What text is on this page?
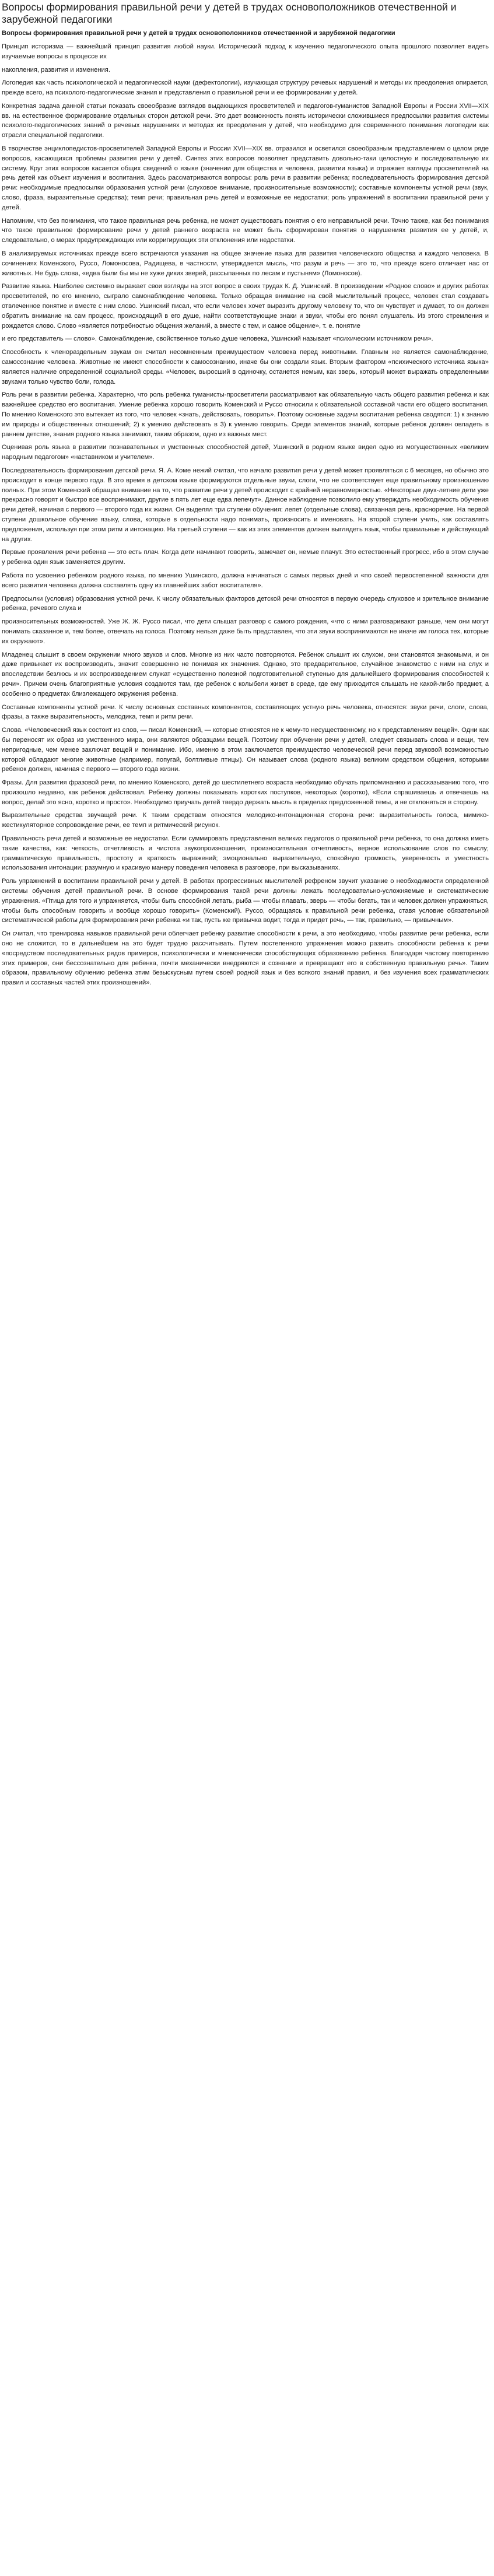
Вопросы формирования правильной речи у детей в трудах основоположников отечественной и зарубежной педагогики
Вопросы формирования правильной речи у детей в трудах основоположников отечественной и зарубежной педагогики

Принцип историзма — важнейший принцип развития любой науки. Исторический подход к изучению педагогического опыта прошлого позволяет видеть изучаемые вопросы в процессе их

накопления, развития и изменения.

Логопедия как часть психологической и педагогической науки (дефектологии), изучающая структуру речевых нарушений и методы их преодоления опирается, прежде всего, на психолого-педагогические знания и представления о правильной речи и ее формировании у детей.

Конкретная задача данной статьи показать своеобразие взглядов выдающихся просветителей и педагогов-гуманистов Западной Европы и России XVII—XIX вв. на естественное формирование отдельных сторон детской речи. Это дает возможность понять исторически сложившиеся предпосылки развития системы психолого-педагогических знаний о речевых нарушениях и методах их преодоления у детей, что необходимо для современного понимания логопедии как отрасли специальной педагогики.

В творчестве энциклопедистов-просветителей Западной Европы и России XVII—XIX вв. отразился и осветился своеобразным представлением о целом ряде вопросов, касающихся проблемы развития речи у детей. Синтез этих вопросов позволяет представить довольно-таки целостную и последовательную их систему. Круг этих вопросов касается общих сведений о языке (значении для общества и человека, развитии языка) и отражает взгляды просветителей на речь детей как объект изучения и воспитания. Здесь рассматриваются вопросы: роль речи в развитии ребенка; последовательность формирования детской речи: необходимые предпосылки образования устной речи (слуховое внимание, произносительные возможности); составные компоненты устной речи (звук, слово, фраза, выразительные средства); темп речи; правильная речь детей и возможные ее недостатки; роль упражнений в воспитании правильной речи у детей.

Напомним, что без понимания, что такое правильная речь ребенка, не может существовать понятия о его неправильной речи. Точно также, как без понимания что такое правильное формирование речи у детей раннего возраста не может быть сформирован понятия о нарушениях развития ее у детей, и, следовательно, о мерах предупреждающих или корригирующих эти отклонения или недостатки.

В анализируемых источниках прежде всего встречаются указания на общее значение языка для развития человеческого общества и каждого человека. В сочинениях Коменского, Руссо, Ломоносова, Радищева, в частности, утверждается мысль, что разум и речь — это то, что прежде всего отличает нас от животных. Не будь слова, «едва были бы мы не хуже диких зверей, рассыпанных по лесам и пустыням» (Ломоносов).

Развитие языка. Наиболее системно выражает свои взгляды на этот вопрос в своих трудах К. Д. Ушинский. В произведении «Родное слово» и других работах просветителей, по его мнению, сыграло самонаблюдение человека. Только обращая внимание на свой мыслительный процесс, человек стал создавать отвлеченное понятие и вместе с ним слово. Ушинский писал, что если человек хочет выразить другому человеку то, что он чувствует и думает, то он должен обратить внимание на сам процесс, происходящий в его душе, найти соответствующие знаки и звуки, чтобы его понял слушатель. Из этого стремления и рождается слово. Слово «является потребностью общения желаний, а вместе с тем, и самое общение», т. е. понятие

и его представитель — слово». Самонаблюдение, свойственное только душе человека, Ушинский называет «психическим источником речи».

Способность к членораздельным звукам он считал несомненным преимуществом человека перед животными. Главным же является самонаблюдение, самосознание человека. Животные не имеют способности к самосознанию, иначе бы они создали язык. Вторым фактором «психического источника языка» является наличие определенной социальной среды. «Человек, выросший в одиночку, останется немым, как зверь, который может выражать определенными звуками только чувство боли, голода.

Роль речи в развитии ребенка. Характерно, что роль ребенка гуманисты-просветители рассматривают как обязательную часть общего развития ребенка и как важнейшее средство его воспитания. Умение ребенка хорошо говорить Коменский и Руссо относили к обязательной составной части его общего воспитания. По мнению Коменского это вытекает из того, что человек «знать, действовать, говорить». Поэтому основные задачи воспитания ребенка сводятся: 1) к знанию им природы и общественных отношений; 2) к умению действовать в 3) к умению говорить. Среди элементов знаний, которые ребенок должен овладеть в раннем детстве, знания родного языка занимают, таким образом, одно из важных мест.

Оценивая роль языка в развитии познавательных и умственных способностей детей, Ушинский в родном языке видел одно из могущественных «великим народным педагогом» «наставником и учителем».

Последовательность формирования детской речи. Я. А. Коме нежий считал, что начало развития речи у детей может проявляться с 6 месяцев, но обычно это происходит в конце первого года. В это время в детском языке формируются отдельные звуки, слоги, что не соответствует еще правильному произношению полных. При этом Коменский обращал внимание на то, что развитие речи у детей происходит с крайней неравномерностью. «Некоторые двух-летние дети уже прекрасно говорят и быстро все воспринимают, другие в пять лет еще едва лепечут». Данное наблюдение позволило ему утверждать необходимость обучения речи детей, начиная с первого — второго года их жизни. Он выделял три ступени обучения: лепет (отдельные слова), связанная речь, красноречие. На первой ступени дошкольное обучение языку, слова, которые в отдельности надо понимать, произносить и именовать. На второй ступени учить, как составлять предложения, используя при этом ритм и интонацию. На третьей ступени — как из этих элементов должен выглядеть язык, чтобы правильные и действующий на других.

Первые проявления речи ребенка — это есть плач. Когда дети начинают говорить, замечает он, немые плачут. Это естественный прогресс, ибо в этом случае у ребенка один язык заменяется другим.

Работа по усвоению ребенком родного языка, по мнению Ушинского, должна начинаться с самых первых дней и «по своей первостепенной важности для всего развития человека должна составлять одну из главнейших забот воспитателя».

Предпосылки (условия) образования устной речи. К числу обязательных факторов детской речи относятся в первую очередь слуховое и зрительное внимание ребенка, речевого слуха и

произносительных возможностей. Уже Ж. Ж. Руссо писал, что дети слышат разговор с самого рождения, «что с ними разговаривают раньше, чем они могут понимать сказанное и, тем более, отвечать на голоса. Поэтому нельзя даже быть представлен, что эти звуки воспринимаются не иначе им голоса тех, которые их окружают».

Младенец слышит в своем окружении много звуков и слов. Многие из них часто повторяются. Ребенок слышит их слухом, они становятся знакомыми, и он даже привыкает их воспроизводить, значит совершенно не понимая их значения. Однако, это предварительное, случайное знакомство с ними на слух и впоследствии безлюсь и их воспроизведением служат «существенно полезной подготовительной ступенью для дальнейшего формирования способностей к речи». Причем очень благоприятные условия создаются там, где ребенок с колыбели живет в среде, где ему приходится слышать не какой-либо предмет, а особенно о предметах близлежащего окружения ребенка.

Составные компоненты устной речи. К числу основных составных компонентов, составляющих устную речь человека, относятся: звуки речи, слоги, слова, фразы, а также выразительность, мелодика, темп и ритм речи.

Слова. «Человеческий язык состоит из слов, — писал Коменский, — которые относятся не к чему-то несущественному, но к представлениям вещей». Одни как бы переносят их образ из умственного мира, они являются образцами вещей. Поэтому при обучении речи у детей, следует связывать слова и вещи, тем непригодные, чем менее заключат вещей и понимание. Ибо, именно в этом заключается преимущество человеческой речи перед звуковой возможностью которой обладают многие животные (например, попугай, болтливые птицы). Он называет слова (родного языка) великим средством общения, которыми ребенок должен, начиная с первого — второго года жизни.

Фразы. Для развития фразовой речи, по мнению Коменского, детей до шестилетнего возраста необходимо обучать припоминанию и рассказыванию того, что произошло недавно, как ребенок действовал. Ребенку должны показывать коротких поступков, некоторых (коротко), «Если спрашиваешь и отвечаешь на вопрос, делай это ясно, коротко и просто». Необходимо приучать детей твердо держать мысль в пределах предложенной темы, и не отклоняться в сторону.

Выразительные средства звучащей речи. К таким средствам относятся мелодико-интонационная сторона речи: выразительность голоса, мимико-жестикуляторное сопровождение речи, ее темп и ритмический рисунок.

Правильность речи детей и возможные ее недостатки. Если суммировать представления великих педагогов о правильной речи ребенка, то она должна иметь такие качества, как: четкость, отчетливость и чистота звукопроизношения, произносительная отчетливость, верное использование слов по смыслу; грамматическую правильность, простоту и краткость выражений; эмоционально выразительную, спокойную громкость, уверенность и уместность использования интонации; разумную и красивую манеру поведения человека в разговоре, при высказываниях.

Роль упражнений в воспитании правильной речи у детей. В работах прогрессивных мыслителей рефреном звучит указание о необходимости определенной системы обучения детей правильной речи. В основе формирования такой речи должны лежать последовательно-усложняемые и систематические упражнения. «Птица для того и упражняется, чтобы быть способной летать, рыба — чтобы плавать, зверь — чтобы бегать, так и человек должен упражняться, чтобы быть способным говорить и вообще хорошо говорить» (Коменский). Руссо, обращаясь к правильной речи ребенка, ставя условие обязательной систематической работы для формирования речи ребенка «и так, пусть же привычка водит, тогда и придет речь, — так, правильно, — привычным».

Он считал, что тренировка навыков правильной речи облегчает ребенку развитие способности к речи, а это необходимо, чтобы развитие речи ребенка, если оно не сложится, то в дальнейшем на это будет трудно рассчитывать. Путем постепенного упражнения можно развить способности ребенка к речи «посредством последовательных рядов примеров, психологически и мнемонически способствующих образованию ребенка. Благодаря частому повторению этих примеров, они бессознательно для ребенка, почти механически внедряются в сознание и превращают его в собственную правильную речь». Таким образом, правильному обучению ребенка этим безыскусным путем своей родной язык и без всякого знаний правил, и без изучения всех грамматических правил и составных частей этих произношений».
